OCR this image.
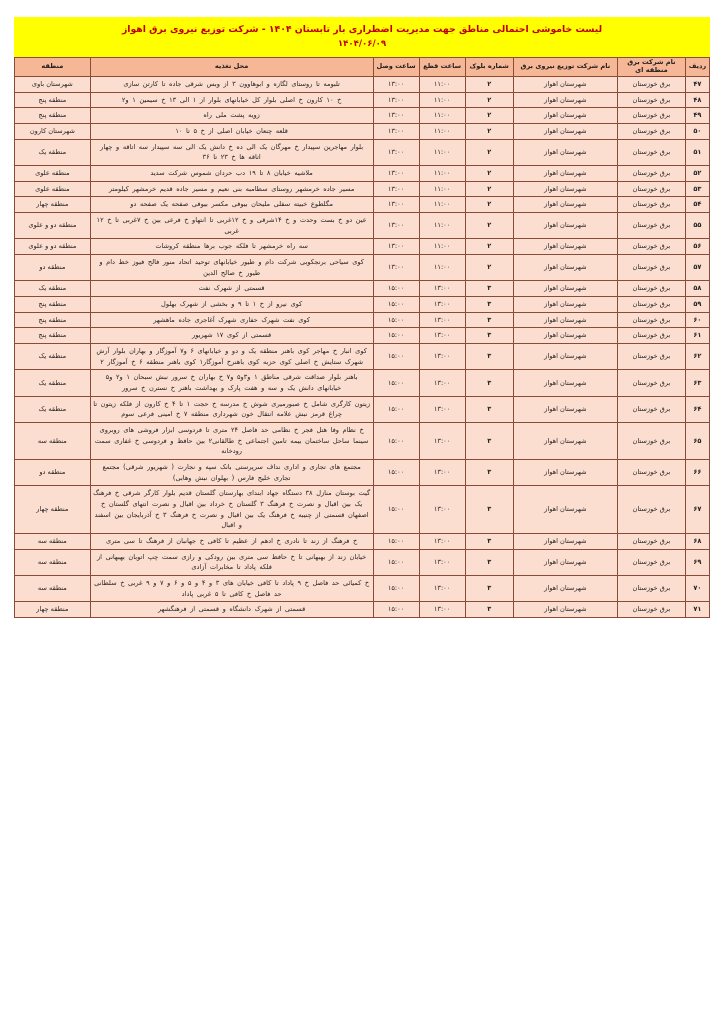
لیست خاموشی احتمالی مناطق جهت مدیریت اضطراری بار تابستان ۱۴۰۴ - شرکت توزیع نیروی برق اهواز
۱۴۰۴/۰۶/۰۹
ردیف	نام شرکت برق منطقه ای	نام شرکت توزیع نیروی برق	شماره بلوک	ساعت قطع	ساعت وصل	محل تغذیه	منطقه
۴۷	برق خوزستان	شهرستان اهواز	۲	۱۱:۰۰	۱۳:۰۰	تلبومه تا روستای لگازه و ابوهاوون ۳ از وبس شرقی جاده تا کارتن سازی	شهرستان باوی
۴۸	برق خوزستان	شهرستان اهواز	۲	۱۱:۰۰	۱۳:۰۰	خ ۱۰ کارون خ اصلی بلوار کل خیابانهای بلوار از ۱ الی ۱۳ خ سیمین ۱ و۲	منطقه پنج
۴۹	برق خوزستان	شهرستان اهواز	۲	۱۱:۰۰	۱۳:۰۰	زویه پشت ملی راه	منطقه پنج
۵۰	برق خوزستان	شهرستان اهواز	۲	۱۱:۰۰	۱۳:۰۰	قلعه چنعان خیابان اصلی از خ ۵ تا ۱۰	شهرستان کارون
۵۱	برق خوزستان	شهرستان اهواز	۲	۱۱:۰۰	۱۳:۰۰	بلوار مهاجرین سپیدار خ مهرگان یک الی ده خ دانش یک الی سه سپیدار سه اتاقه و چهار اتاقه ها خ ۲۳ تا ۳۶	منطقه یک
۵۲	برق خوزستان	شهرستان اهواز	۲	۱۱:۰۰	۱۳:۰۰	ملاشیه خیابان ۸ تا ۱۹ دب حردان شموس شرکت سدید	منطقه علوی
۵۳	برق خوزستان	شهرستان اهواز	۲	۱۱:۰۰	۱۳:۰۰	مسیر جاده خرمشهر روستای سطامبه بنی نعیم و مسیر جاده قدیم خرمشهر کیلومتر	منطقه علوی
۵۴	برق خوزستان	شهرستان اهواز	۲	۱۱:۰۰	۱۳:۰۰	مگلطوع خبیته سفلی ملیحان بیوفی مکسر بیوفی صفحه یک صفحه دو	منطقه چهار
۵۵	برق خوزستان	شهرستان اهواز	۲	۱۱:۰۰	۱۳:۰۰	عین دو خ بست وحدت و خ ۱۴شرقی و خ ۱۲غربی تا انتهاو خ فرعی بین خ ۷غربی تا خ ۱۲ غربی	منطقه دو و علوی
۵۶	برق خوزستان	شهرستان اهواز	۲	۱۱:۰۰	۱۳:۰۰	سه راه خرمشهر تا فلکه جوب برها منطقه کروشات	منطقه دو و علوی
۵۷	برق خوزستان	شهرستان اهواز	۲	۱۱:۰۰	۱۳:۰۰	کوی سیاحی برنجکوبی شرکت دام و طیور خیابانهای توحید اتحاد منور فالح فیوز خط دام و طیور خ صالح الدین	منطقه دو
۵۸	برق خوزستان	شهرستان اهواز	۳	۱۳:۰۰	۱۵:۰۰	قسمتی از شهرک نفت	منطقه یک
۵۹	برق خوزستان	شهرستان اهواز	۳	۱۳:۰۰	۱۵:۰۰	کوی نیرو از خ ۱ تا ۹ و بخشی از شهرک بهلول	منطقه پنج
۶۰	برق خوزستان	شهرستان اهواز	۳	۱۳:۰۰	۱۵:۰۰	کوی نفت شهرک حفاری شهرک آغاجری جاده ماهشهر	منطقه پنج
۶۱	برق خوزستان	شهرستان اهواز	۳	۱۳:۰۰	۱۵:۰۰	قسمتی از کوی ۱۷ شهریور	منطقه پنج
۶۲	برق خوزستان	شهرستان اهواز	۳	۱۳:۰۰	۱۵:۰۰	کوی انبار خ مهاجر کوی باهنر منطقه یک و دو و خیابانهای ۶ و۷ آموزگار و بهاران بلوار آرش شهرک ستایش خ اصلی کوی حزبه کوی باهنرخ آموزگار۱ کوی باهنر منطقه ۶ خ آموزگار ۲	منطقه یک
۶۳	برق خوزستان	شهرستان اهواز	۳	۱۳:۰۰	۱۵:۰۰	باهنر بلوار صداقت شرقی مناطق ۱ و۳و۵ و۷ خ بهاران خ سرور نبش سبحان ۱ و۲ و۵ خیابانهای دانش یک و سه و هفت پارک و بهداشت باهنر خ نسترن خ سرور	منطقه یک
۶۴	برق خوزستان	شهرستان اهواز	۳	۱۳:۰۰	۱۵:۰۰	زیتون کارگری شامل خ صبورمیری شوش خ مدرسه خ حجت ۱ تا ۴ خ کارون از فلکه زیتون تا چراغ قرمز نبش علامه انتقال خون شهرداری منطقه ۷ خ امینی فرعی سوم	منطقه یک
۶۵	برق خوزستان	شهرستان اهواز	۳	۱۳:۰۰	۱۵:۰۰	خ نظام وفا هتل فجر خ نظامی حد فاصل ۲۴ متری تا فردوسی ابزار فروشی های روبروی سینما ساحل ساختمان بیمه تامین اجتماعی خ طالقانی۲ بین حافظ و فردوسی خ غفاری سمت رودخانه	منطقه سه
۶۶	برق خوزستان	شهرستان اهواز	۳	۱۳:۰۰	۱۵:۰۰	مجتمع های تجاری و اداری نداف سرپرستی بانک سپه و نجارت ( شهریور شرقی) مجتمع تجاری خلیج فارس ( بهلوان نبش وهابی)	منطقه دو
۶۷	برق خوزستان	شهرستان اهواز	۳	۱۳:۰۰	۱۵:۰۰	گیت بوستان منازل ۳۸ دستگاه جهاد ابندای بهارستان گلستان قدیم بلوار کارگر شرقی خ فرهنگ یک بین اقبال و نصرت خ فرهنگ ۳ گلستان خ خرداد بین اقبال و نصرت انتهای گلستان خ اصفهان قسمتی از چنیبه خ فرهنگ یک بین اقبال و نصرت خ فرهنگ ۳ خ آذربایجان بین اسفند و اقبال	منطقه چهار
۶۸	برق خوزستان	شهرستان اهواز	۳	۱۳:۰۰	۱۵:۰۰	خ فرهنگ از زند تا نادری خ ادهم از عظیم تا کافی خ جهانبان از فرهنگ تا سی متری	منطقه سه
۶۹	برق خوزستان	شهرستان اهواز	۳	۱۳:۰۰	۱۵:۰۰	خیابان زند از بهبهانی تا خ حافظ سی متری بین رودکی و رازی سمت چپ اتوبان بهبهانی از فلکه پاداد تا مخابرات آزادی	منطقه سه
۷۰	برق خوزستان	شهرستان اهواز	۳	۱۳:۰۰	۱۵:۰۰	خ کمیائی حد فاصل خ ۹ پاداد تا کافی خیابان های ۳ و ۴ و ۵ و ۶ و ۷ و ۹ غربی خ سلطانی حد فاصل خ کافی تا ۵ غربی پاداد	منطقه سه
۷۱	برق خوزستان	شهرستان اهواز	۳	۱۳:۰۰	۱۵:۰۰	قسمتی از شهرک دانشگاه و قسمتی از فرهنگشهر	منطقه چهار
